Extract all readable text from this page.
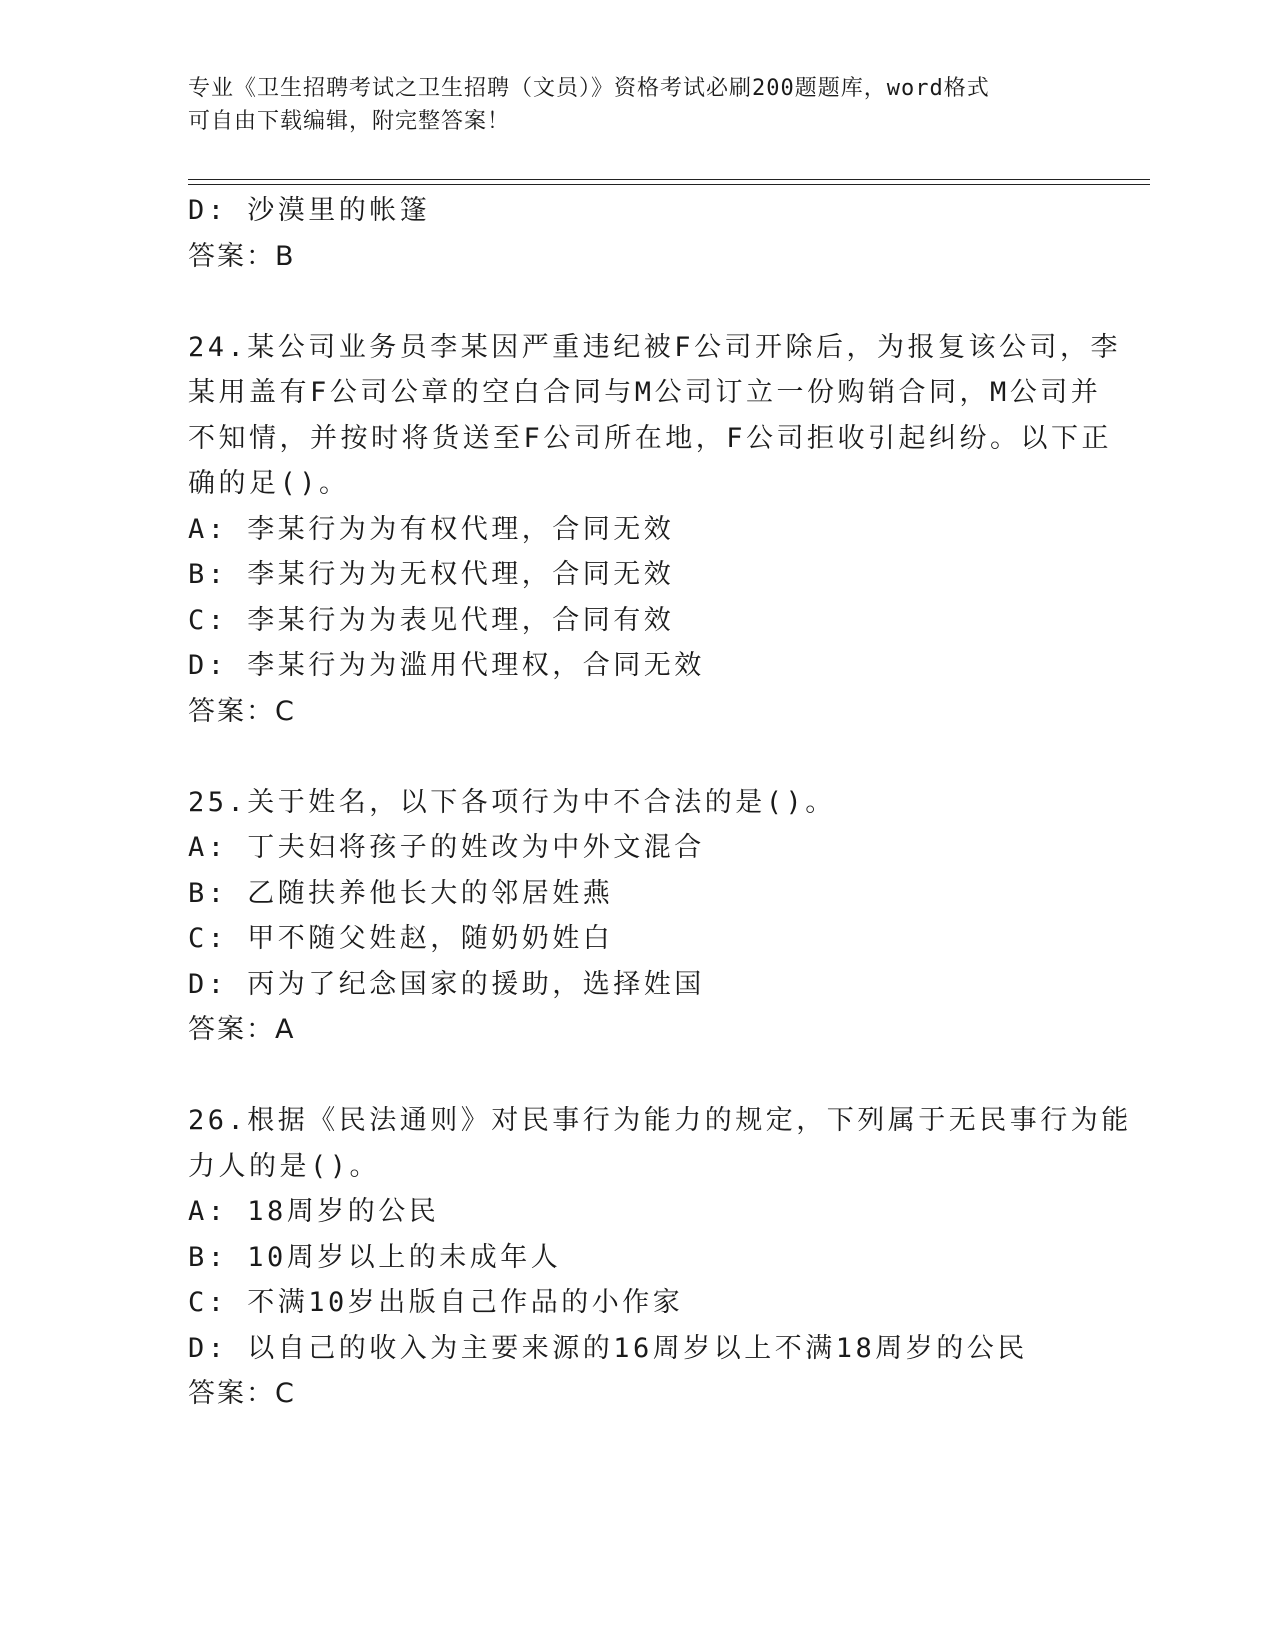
专业《卫生招聘考试之卫生招聘（文员）》资格考试必刷200题题库，word格式
可自由下载编辑，附完整答案！
D: 沙漠里的帐篷
答案：B
24.某公司业务员李某因严重违纪被F公司开除后，为报复该公司，李
某用盖有F公司公章的空白合同与M公司订立一份购销合同，M公司并
不知情，并按时将货送至F公司所在地，F公司拒收引起纠纷。以下正
确的足()。
A: 李某行为为有权代理，合同无效
B: 李某行为为无权代理，合同无效
C: 李某行为为表见代理，合同有效
D: 李某行为为滥用代理权，合同无效
答案：C
25.关于姓名，以下各项行为中不合法的是()。
A: 丁夫妇将孩子的姓改为中外文混合
B: 乙随扶养他长大的邻居姓燕
C: 甲不随父姓赵，随奶奶姓白
D: 丙为了纪念国家的援助，选择姓国
答案：A
26.根据《民法通则》对民事行为能力的规定，下列属于无民事行为能
力人的是()。
A: 18周岁的公民
B: 10周岁以上的未成年人
C: 不满10岁出版自己作品的小作家
D: 以自己的收入为主要来源的16周岁以上不满18周岁的公民
答案：C
